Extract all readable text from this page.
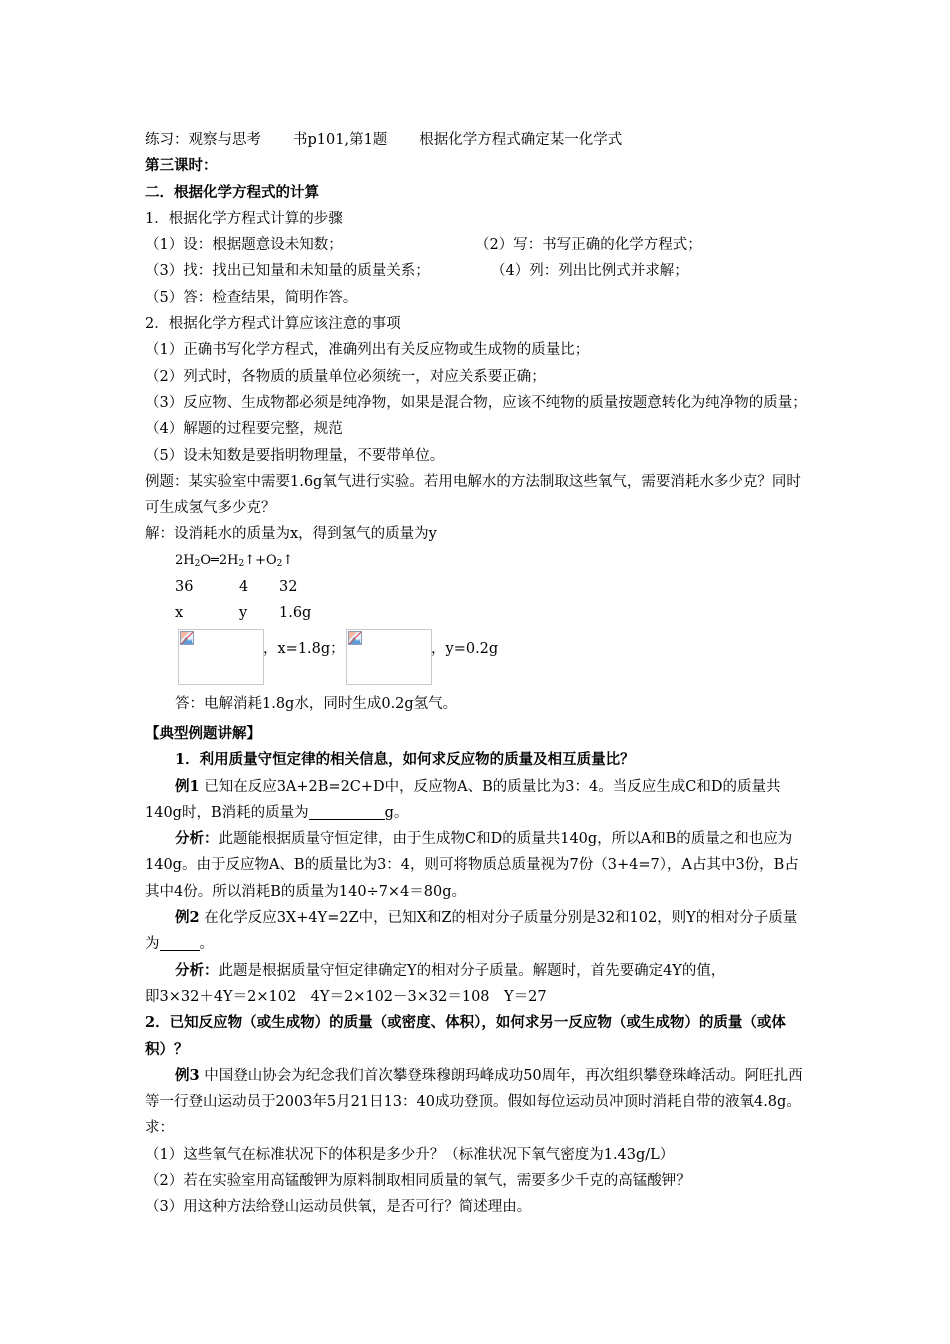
练习：观察与思考 书p101,第1题 根据化学方程式确定某一化学式
第三课时：
二．根据化学方程式的计算
1．根据化学方程式计算的步骤
（1）设：根据题意设未知数；	（2）写：书写正确的化学方程式；
（3）找：找出已知量和未知量的质量关系；	（4）列：列出比例式并求解；
（5）答：检查结果，简明作答。
2．根据化学方程式计算应该注意的事项
（1）正确书写化学方程式，准确列出有关反应物或生成物的质量比；
（2）列式时，各物质的质量单位必须统一，对应关系要正确；
（3）反应物、生成物都必须是纯净物，如果是混合物，应该不纯物的质量按题意转化为纯净物的质量；
（4）解题的过程要完整，规范
（5）设未知数是要指明物理量，不要带单位。
例题：某实验室中需要1.6g氧气进行实验。若用电解水的方法制取这些氧气，需要消耗水多少克？同时可生成氢气多少克？
解：设消耗水的质量为x，得到氢气的质量为y
$2H_2O═2H_2↑+O_2↑$
36	4 32
x	y 1.6g
，x=1.8g；	，y=0.2g
答：电解消耗1.8g水，同时生成0.2g氢气。
【典型例题讲解】
1．利用质量守恒定律的相关信息，如何求反应物的质量及相互质量比？
例1 已知在反应3A+2B=2C+D中，反应物A、B的质量比为3：4。当反应生成C和D的质量共140g时，B消耗的质量为	g。
分析：此题能根据质量守恒定律，由于生成物C和D的质量共140g，所以A和B的质量之和也应为140g。由于反应物A、B的质量比为3：4，则可将物质总质量视为7份（3+4=7），A占其中3份，B占其中4份。所以消耗B的质量为140÷7×4＝80g。
例2 在化学反应3X+4Y=2Z中，已知X和Z的相对分子质量分别是32和102，则Y的相对分子质量为	。
分析：此题是根据质量守恒定律确定Y的相对分子质量。解题时，首先要确定4Y的值，
即3×32＋4Y＝2×102　4Y＝2×102－3×32＝108　Y＝27
2．已知反应物（或生成物）的质量（或密度、体积），如何求另一反应物（或生成物）的质量（或体积）？
例3 中国登山协会为纪念我们首次攀登珠穆朗玛峰成功50周年，再次组织攀登珠峰活动。阿旺扎西等一行登山运动员于2003年5月21日13：40成功登顶。假如每位运动员冲顶时消耗自带的液氧4.8g。求：
（1）这些氧气在标准状况下的体积是多少升？（标准状况下氧气密度为1.43g/L）
（2）若在实验室用高锰酸钾为原料制取相同质量的氧气，需要多少千克的高锰酸钾？
（3）用这种方法给登山运动员供氧，是否可行？简述理由。
